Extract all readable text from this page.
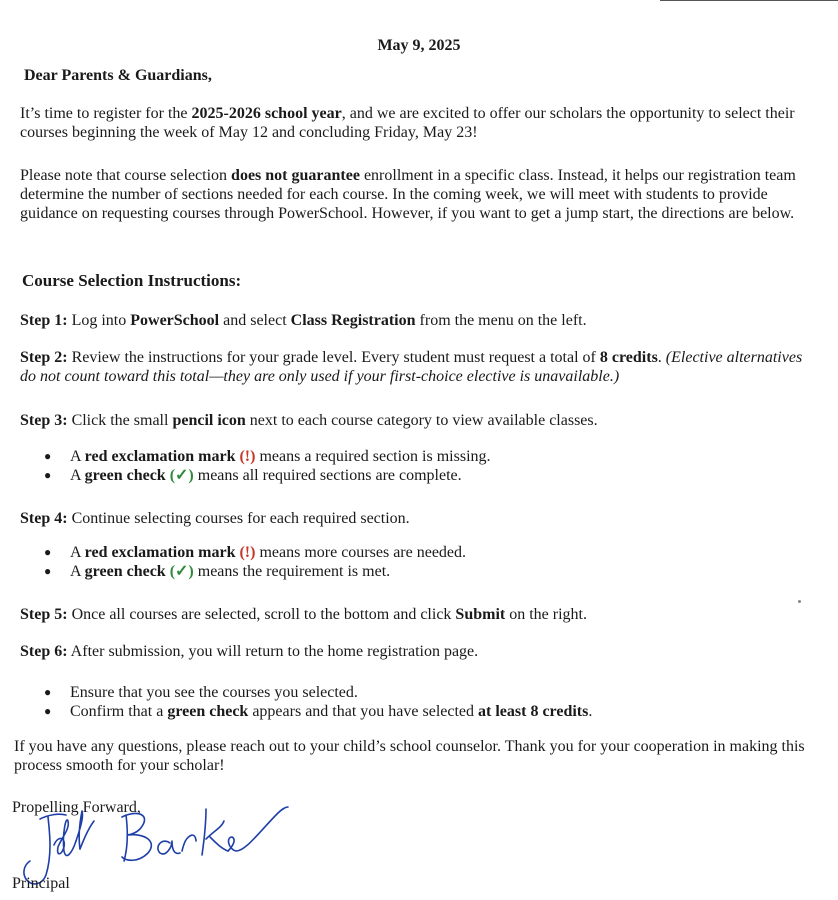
May 9, 2025
Dear Parents & Guardians,

It’s time to register for the 2025-2026 school year, and we are excited to offer our scholars the opportunity to select their courses beginning the week of May 12 and concluding Friday, May 23!

Please note that course selection does not guarantee enrollment in a specific class. Instead, it helps our registration team determine the number of sections needed for each course. In the coming week, we will meet with students to provide guidance on requesting courses through PowerSchool. However, if you want to get a jump start, the directions are below.

Course Selection Instructions:

Step 1: Log into PowerSchool and select Class Registration from the menu on the left.

Step 2: Review the instructions for your grade level. Every student must request a total of 8 credits. (Elective alternatives do not count toward this total—they are only used if your first-choice elective is unavailable.)

Step 3: Click the small pencil icon next to each course category to view available classes.

● A red exclamation mark (!) means a required section is missing.
● A green check (✓) means all required sections are complete.

Step 4: Continue selecting courses for each required section.

● A red exclamation mark (!) means more courses are needed.
● A green check (✓) means the requirement is met.

Step 5: Once all courses are selected, scroll to the bottom and click Submit on the right.

Step 6: After submission, you will return to the home registration page.

● Ensure that you see the courses you selected.
● Confirm that a green check appears and that you have selected at least 8 credits.

If you have any questions, please reach out to your child’s school counselor. Thank you for your cooperation in making this process smooth for your scholar!

Propelling Forward,
Principal
